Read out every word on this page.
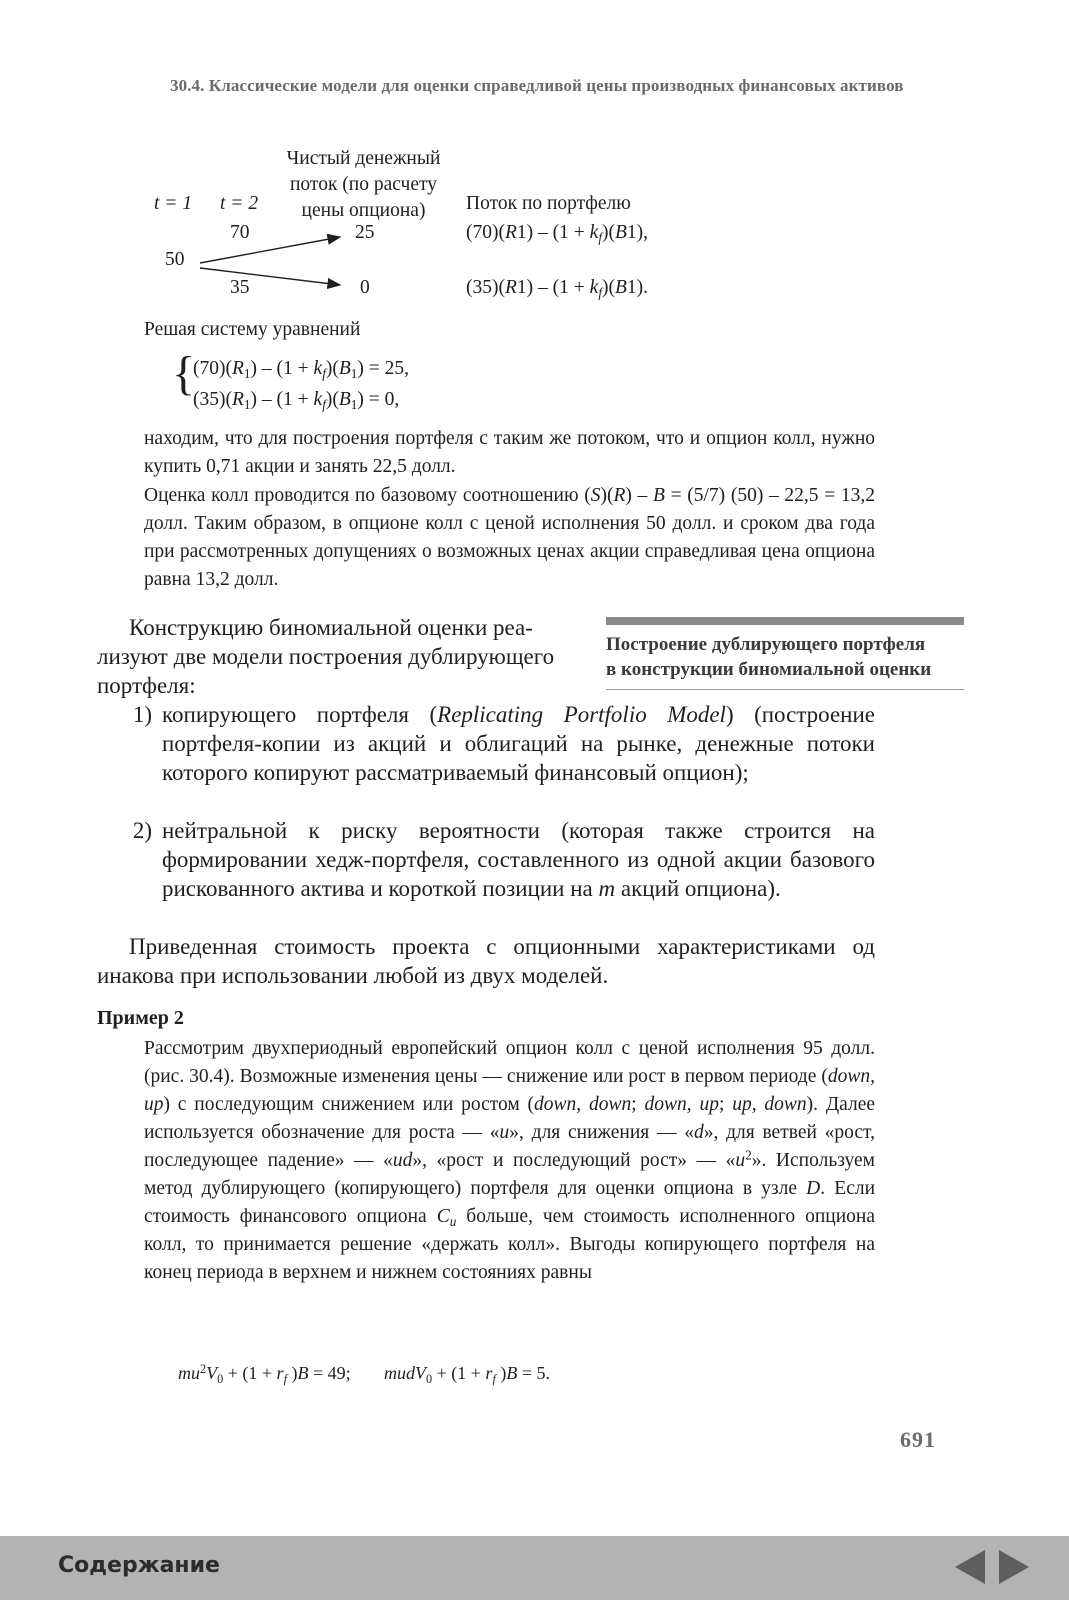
30.4. Классические модели для оценки справедливой цены производных финансовых активов
Чистый денежный
поток (по расчету
цены опциона)
t = 1 t = 2	Поток по портфелю
70	25	$(70)(R1) - (1 + k_f)(B1)$,
50
35	0	$(35)(R1) - (1 + k_f)(B1)$.
Решая систему уравнений
{
$(70)(R_1) - (1 + k_f)(B_1) = 25$,
$(35)(R_1) - (1 + k_f)(B_1) = 0$,
находим, что для построения портфеля с таким же потоком, что и опцион колл, нужно купить 0,71 акции и занять 22,5 долл.
Оценка колл проводится по базовому соотношению (S)(R) – B = (5/7) (50) – 22,5 = 13,2 долл. Таким образом, в опционе колл с ценой исполнения 50 долл. и сроком два года при рассмотренных допущениях о возможных ценах акции справедливая цена опциона равна 13,2 долл.
Построение дублирующего портфеля
в конструкции биномиальной оценки
Конструкцию биномиальной оценки реа-
лизуют две модели построения дублирующего
портфеля:
1) копирующего портфеля (Replicating Portfolio Model) (построение портфеля-копии из акций и облигаций на рынке, денежные потоки которого копируют рассматриваемый финансовый опцион);
2) нейтральной к риску вероятности (которая также строится на формировании хедж-портфеля, составленного из одной акции базового рискованного актива и короткой позиции на m акций опциона).
Приведенная стоимость проекта с опционными характеристиками од инакова при использовании любой из двух моделей.
Пример 2
Рассмотрим двухпериодный европейский опцион колл с ценой исполнения 95 долл. (рис. 30.4). Возможные изменения цены — снижение или рост в первом периоде (down, up) с последующим снижением или ростом (down, down; down, up; up, down). Далее используется обозначение для роста — «u», для снижения — «d», для ветвей «рост, последующее падение» — «ud», «рост и последующий рост» — «$u^2$». Используем метод дублирующего (копирующего) портфеля для оценки опциона в узле D. Если стоимость финансового опциона $C_u$ больше, чем стоимость исполненного опциона колл, то принимается решение «держать колл». Выгоды копирующего портфеля на конец периода в верхнем и нижнем состояниях равны
$mu^2V_0 + (1 + r_f$ )B = 49; mudV$_0$ + ($1 + r_f$ )B = 5.
691
Содержание
